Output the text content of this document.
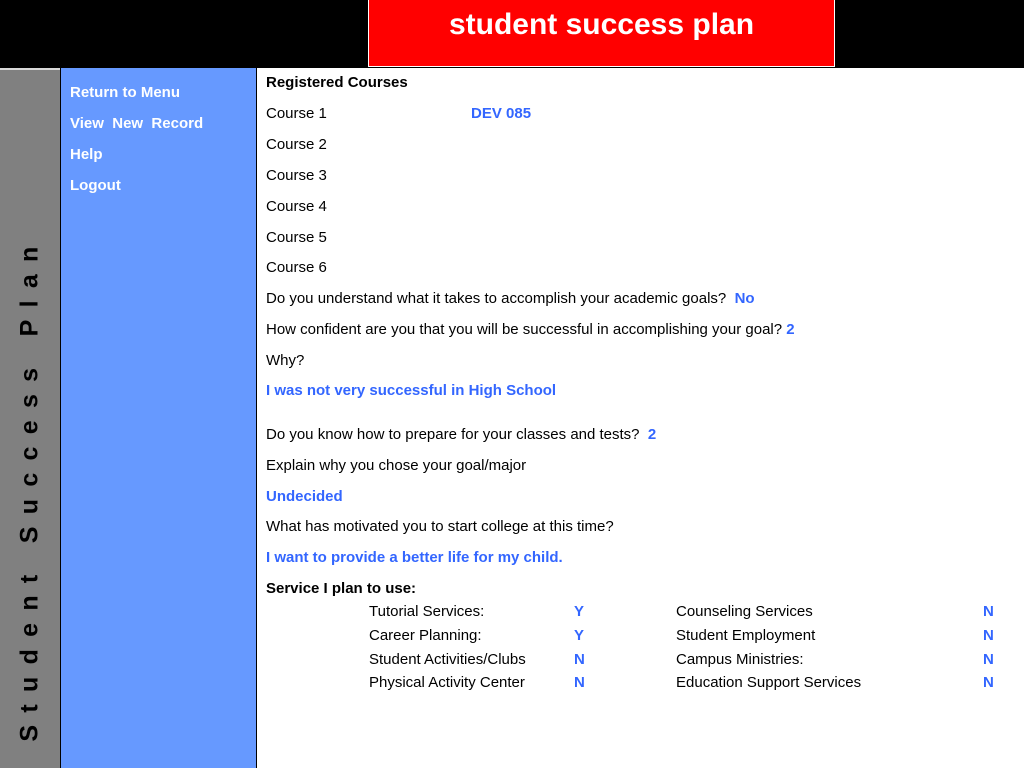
student success plan
Student Success Plan
Return to Menu
View  New  Record
Help
Logout
Registered Courses
Course 1	DEV 085
Course 2
Course 3
Course 4
Course 5
Course 6
Do you understand what it takes to accomplish your academic goals? No
How confident are you that you will be successful in accomplishing your goal? 2
Why?
I was not very successful in High School
Do you know how to prepare for your classes and tests? 2
Explain why you chose your goal/major
Undecided
What has motivated you to start college at this time?
I want to provide a better life for my child.
Service I plan to use:
Tutorial Services:	Y	Counseling Services	N
Career Planning:	Y	Student Employment	N
Student Activities/Clubs	N	Campus Ministries:	N
Physical Activity Center	N	Education Support Services	N
